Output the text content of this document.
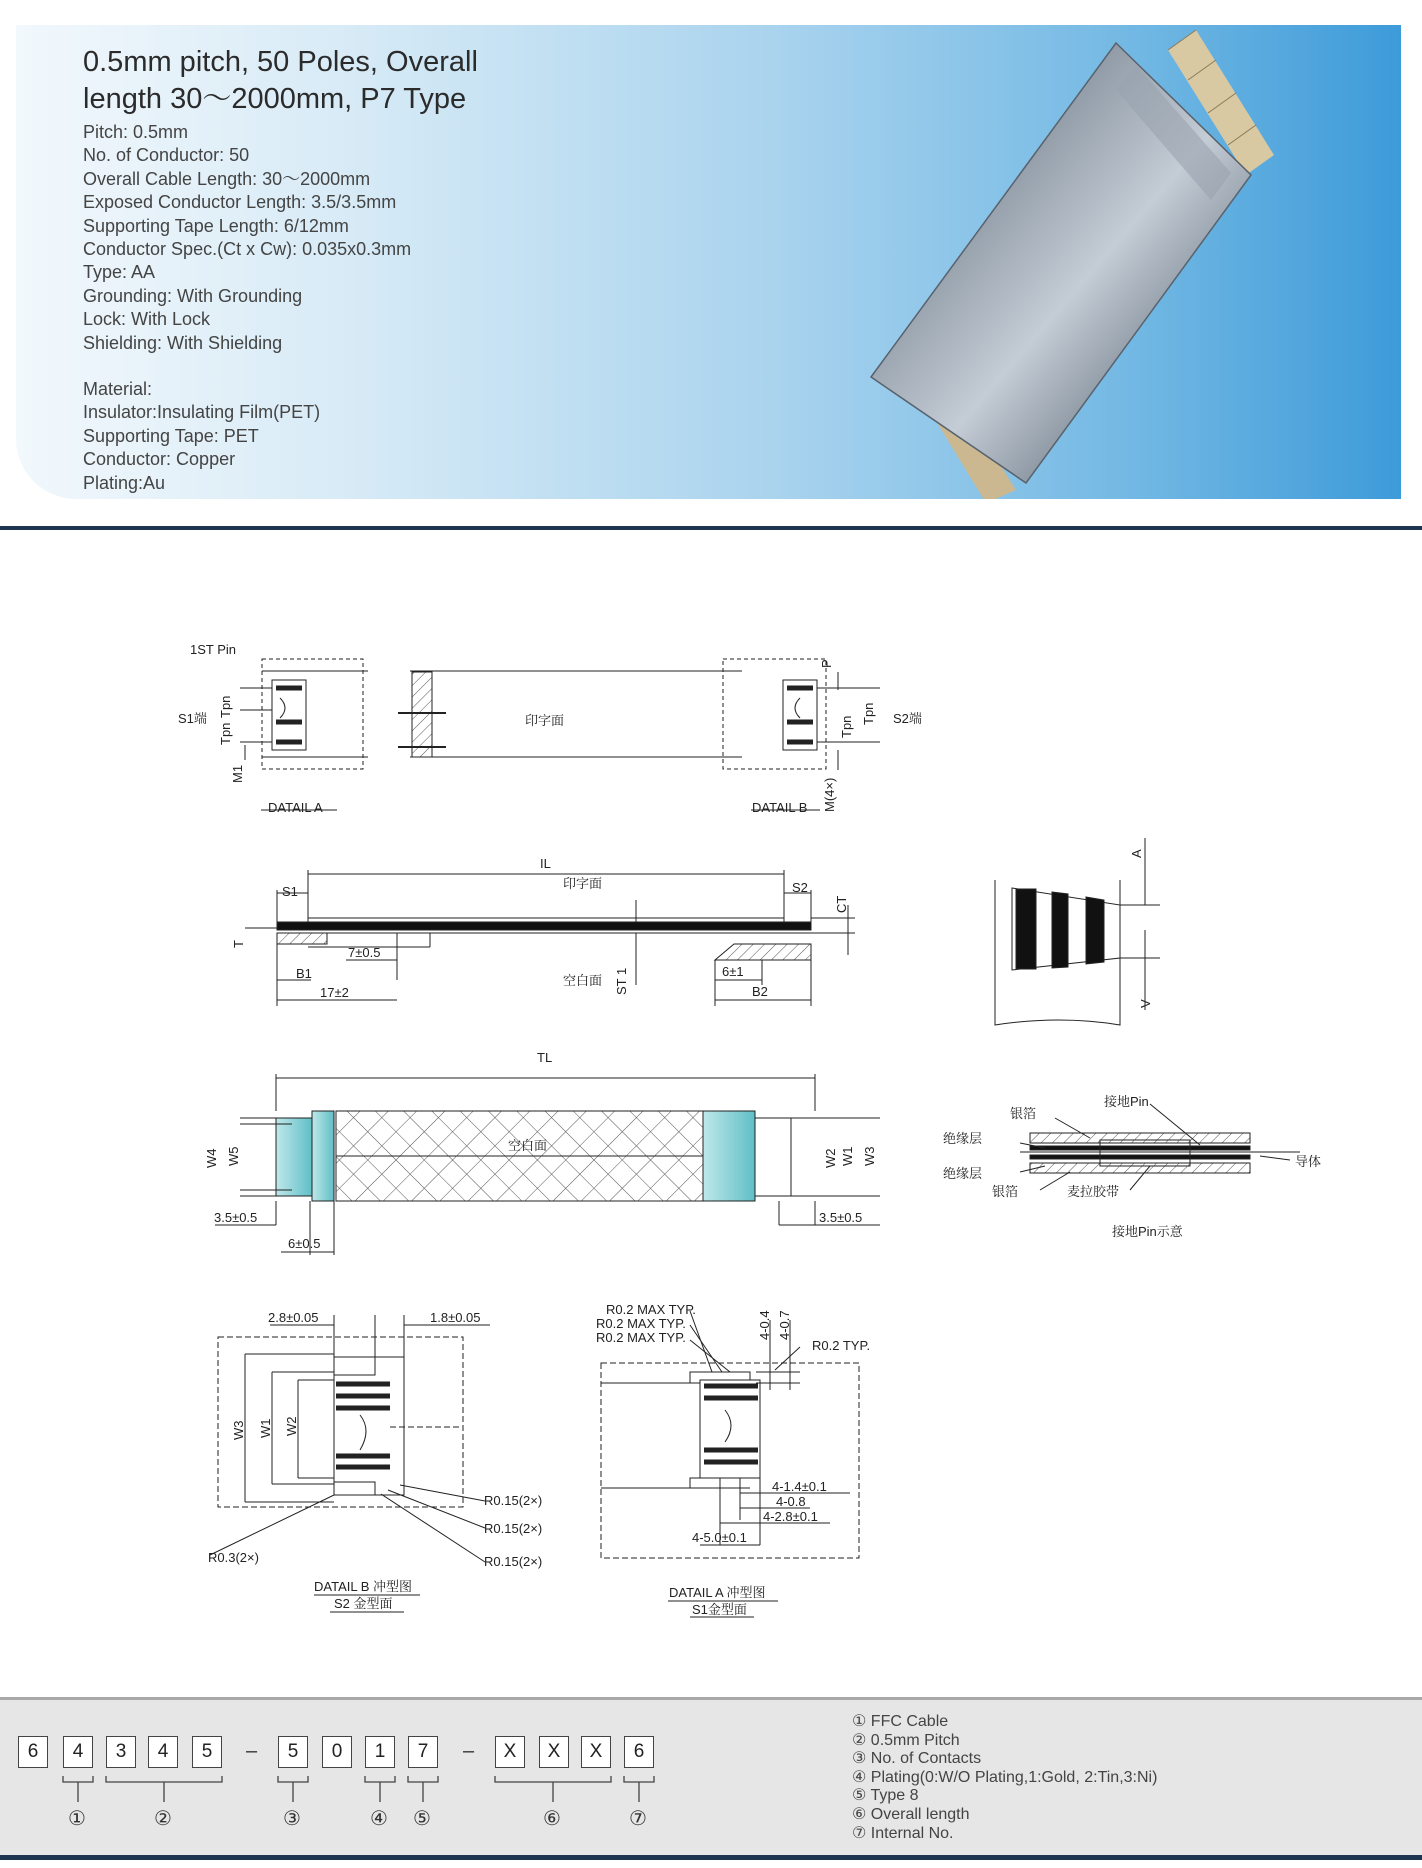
0.5mm pitch, 50 Poles, Overall
length 30～2000mm, P7 Type
Pitch: 0.5mm
No. of Conductor: 50
Overall Cable Length: 30～2000mm
Exposed Conductor Length: 3.5/3.5mm
Supporting Tape Length: 6/12mm
Conductor Spec.(Ct x Cw): 0.035x0.3mm
Type: AA
Grounding: With Grounding
Lock: With Lock
Shielding: With Shielding
Material:
Insulator:Insulating Film(PET)
Supporting Tape: PET
Conductor: Copper
Plating:Au
1ST Pin
S1端	S2端
印字面
Tpn
Tpn
M1
P
Tpn
Tpn
M(4×)
DATAIL A	DATAIL B
IL
S1	S2
印字面
CT
T
7±0.5
空白面 ST 1	6±1
B1
B2
17±2
A
V
TL
W4 W5
空白面
W2 W1 W3
3.5±0.5	3.5±0.5
6±0.5
银箔
接地Pin
绝缘层
绝缘层
导体
银箔	麦拉胶带
接地Pin示意
2.8±0.05	1.8±0.05
W3 W1 W2
R0.15(2×)
R0.15(2×)
R0.15(2×)
R0.3(2×)
DATAIL B 冲型图
S2 金型面
R0.2 MAX TYP.
R0.2 MAX TYP.
R0.2 MAX TYP.	4-0.4 4-0.7
R0.2 TYP.
4-1.4±0.1
4-0.8
4-2.8±0.1
4-5.0±0.1
DATAIL A 冲型图
S1金型面
6	4	3	4	5	–	5	0	1	7	–	X	X	X	6
①	②	③	④ ⑤	⑥	⑦
① FFC Cable
② 0.5mm Pitch
③ No. of Contacts
④ Plating(0:W/O Plating,1:Gold, 2:Tin,3:Ni)
⑤ Type 8
⑥ Overall length
⑦ Internal No.
